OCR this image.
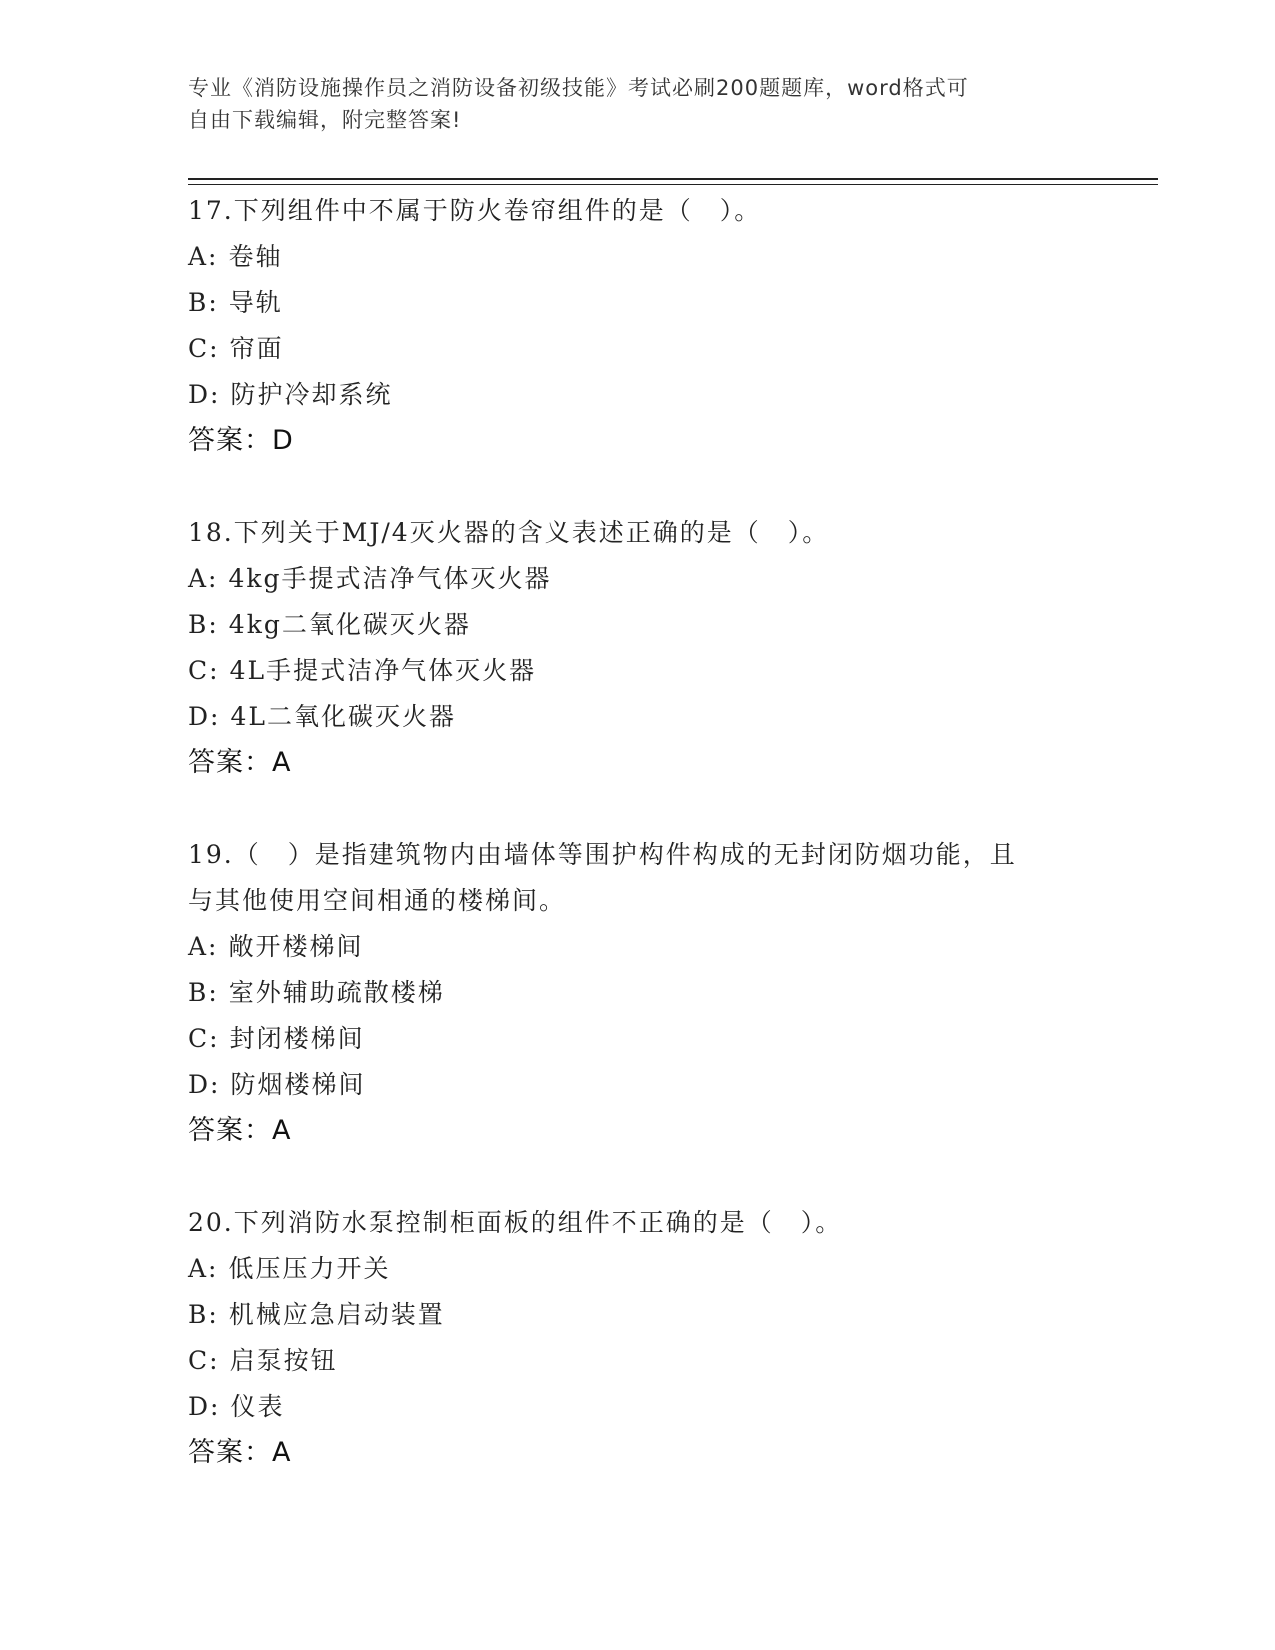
专业《消防设施操作员之消防设备初级技能》考试必刷200题题库，word格式可
自由下载编辑，附完整答案!
17.下列组件中不属于防火卷帘组件的是（　）。
A: 卷轴
B: 导轨
C: 帘面
D: 防护冷却系统
答案：D
18.下列关于MJ/4灭火器的含义表述正确的是（　）。
A: 4kg手提式洁净气体灭火器
B: 4kg二氧化碳灭火器
C: 4L手提式洁净气体灭火器
D: 4L二氧化碳灭火器
答案：A
19.（　）是指建筑物内由墙体等围护构件构成的无封闭防烟功能，且
与其他使用空间相通的楼梯间。
A: 敞开楼梯间
B: 室外辅助疏散楼梯
C: 封闭楼梯间
D: 防烟楼梯间
答案：A
20.下列消防水泵控制柜面板的组件不正确的是（　）。
A: 低压压力开关
B: 机械应急启动装置
C: 启泵按钮
D: 仪表
答案：A
